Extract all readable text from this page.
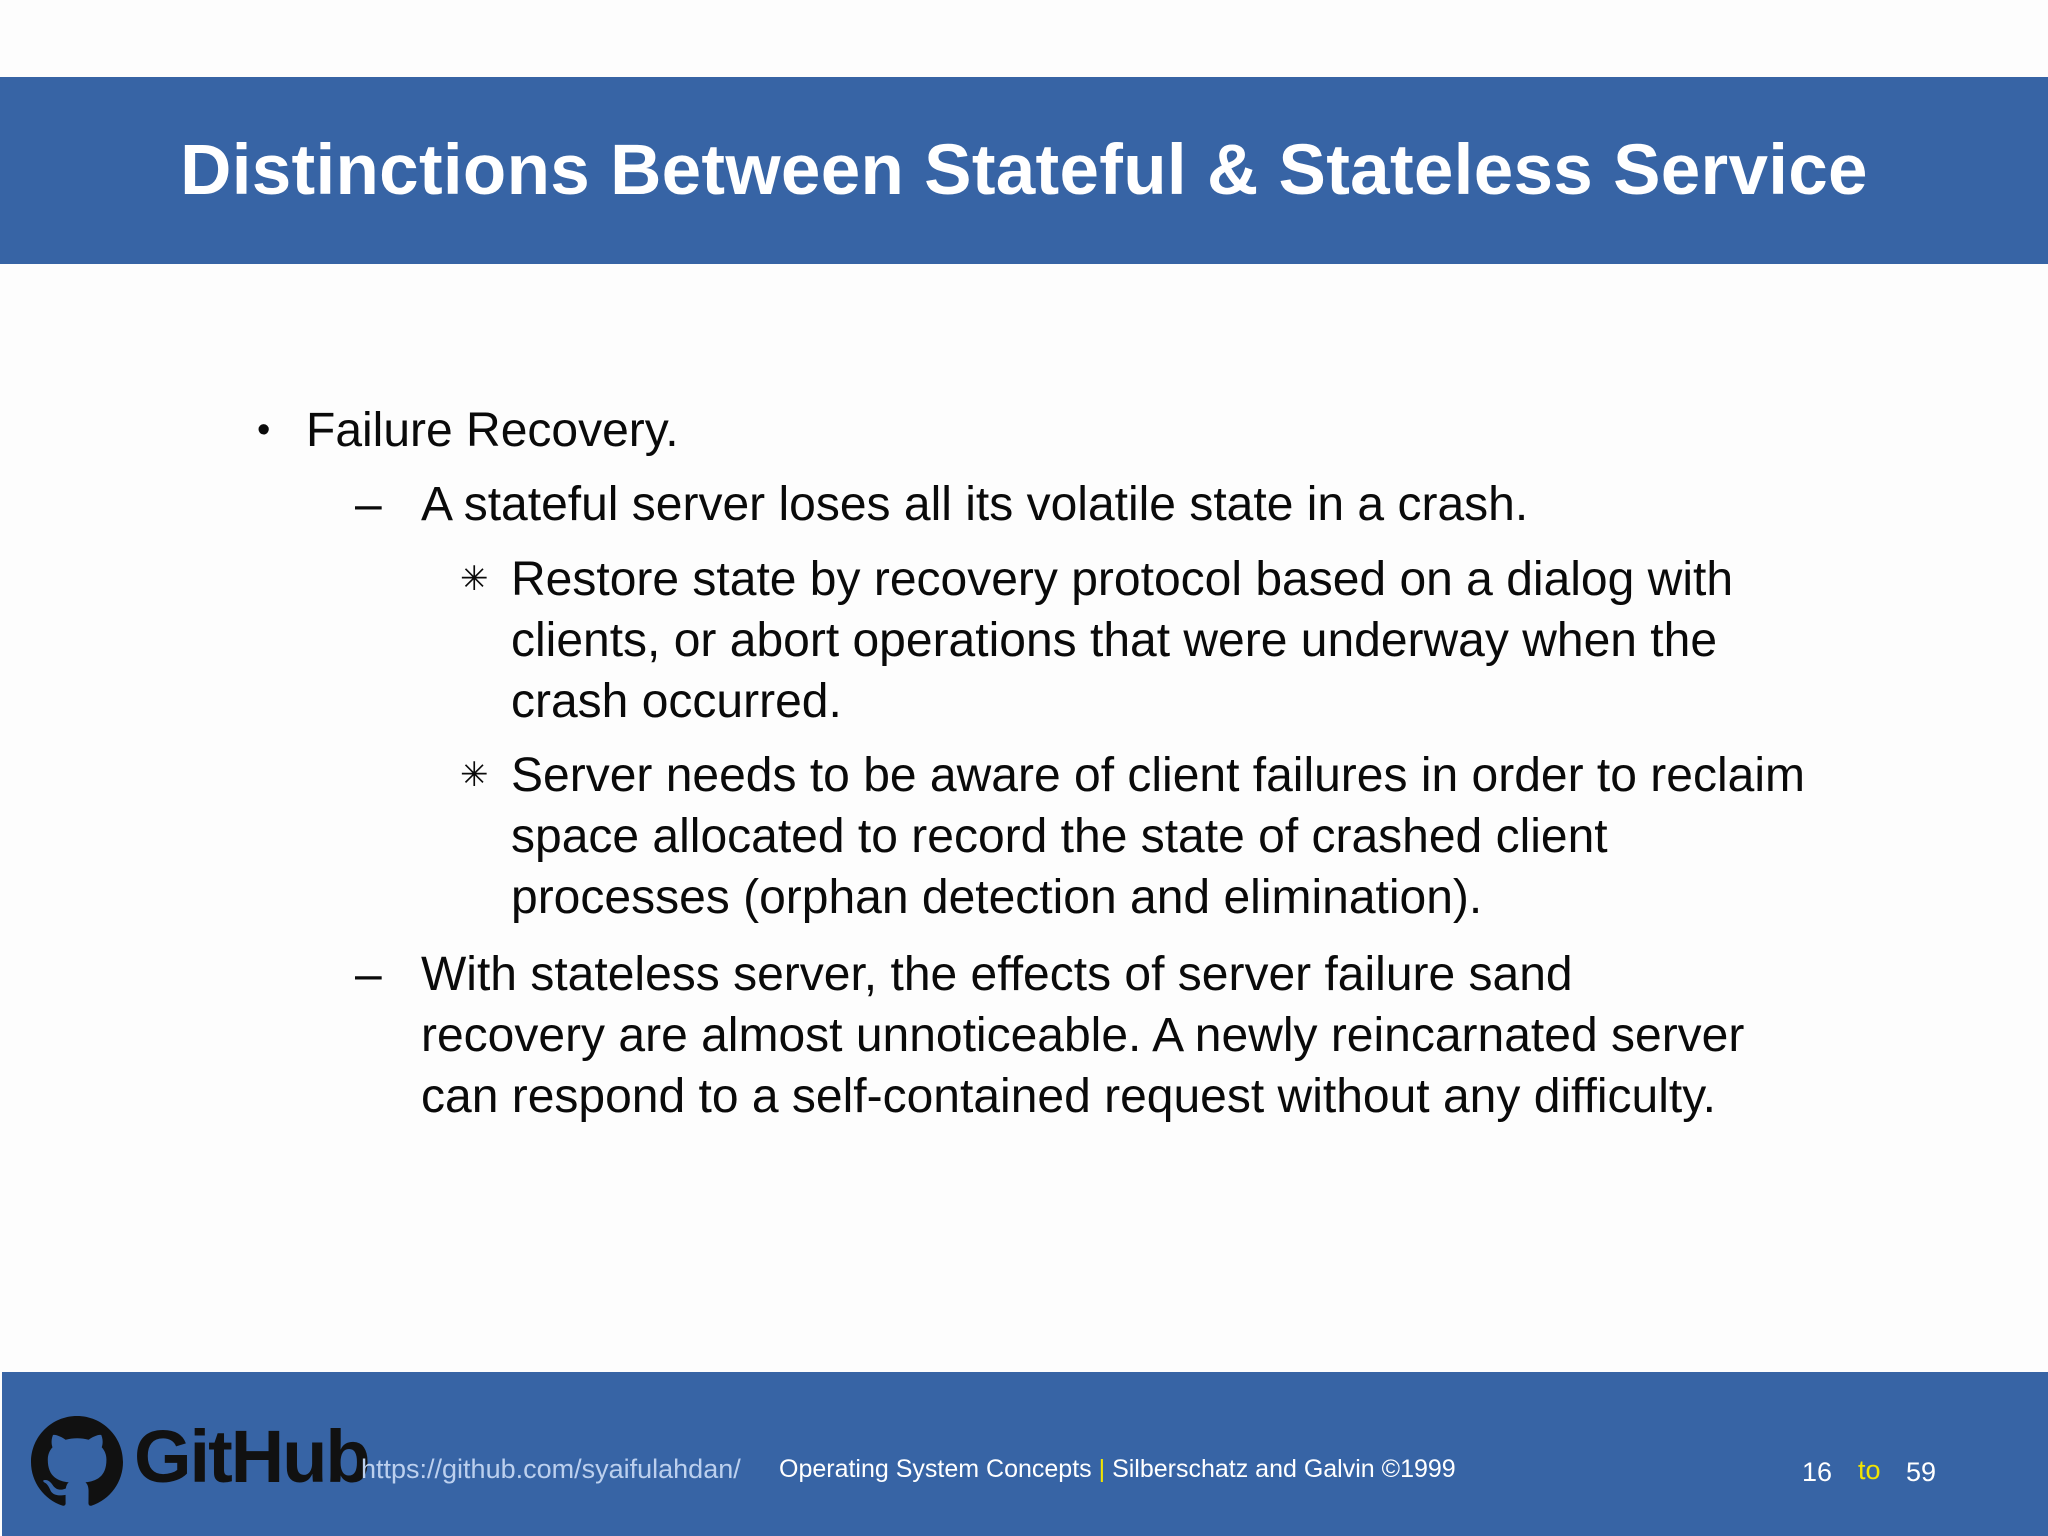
Distinctions Between Stateful & Stateless Service
• Failure Recovery.
– A stateful server loses all its volatile state in a crash.
✳ Restore state by recovery protocol based on a dialog with clients, or abort operations that were underway when the crash occurred.
✳ Server needs to be aware of client failures in order to reclaim space allocated to record the state of crashed client processes (orphan detection and elimination).
– With stateless server, the effects of server failure sand recovery are almost unnoticeable. A newly reincarnated server can respond to a self-contained request without any difficulty.
GitHub
https://github.com/syaifulahdan/ Operating System Concepts | Silberschatz and Galvin ©1999	16 to 59
